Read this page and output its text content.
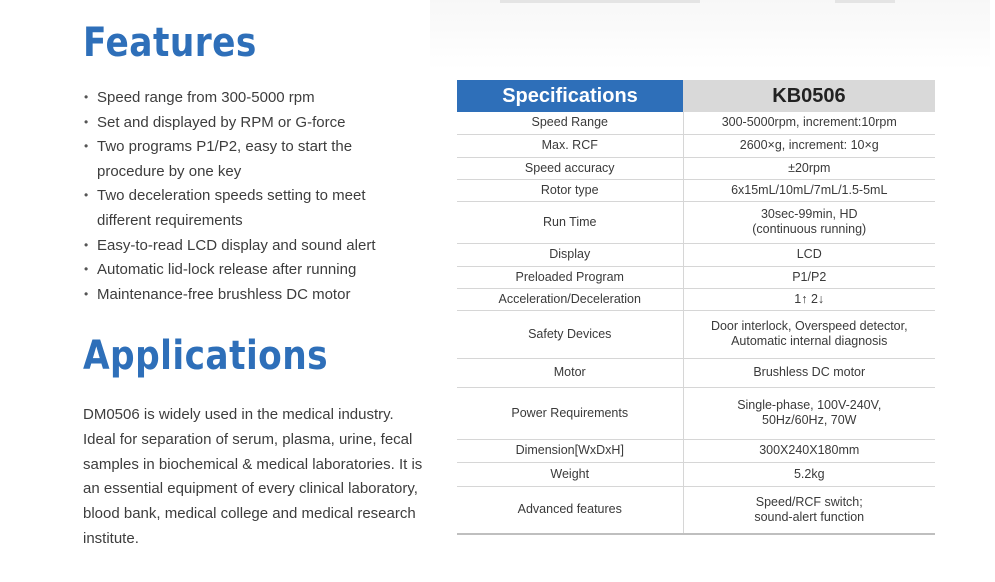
Features
• Speed range from 300-5000 rpm
• Set and displayed by RPM or G-force
• Two programs P1/P2, easy to start the procedure by one key
• Two deceleration speeds setting to meet different requirements
• Easy-to-read LCD display and sound alert
• Automatic lid-lock release after running
• Maintenance-free brushless DC motor
Applications

DM0506 is widely used in the medical industry. Ideal for separation of serum, plasma, urine, fecal samples in biochemical & medical laboratories. It is an essential equipment of every clinical laboratory, blood bank, medical college and medical research institute.

Specifications	KB0506
Speed Range	300-5000rpm, increment:10rpm
Max. RCF	2600×g, increment: 10×g
Speed accuracy	±20rpm
Rotor type	6x15mL/10mL/7mL/1.5-5mL
Run Time	30sec-99min, HD
(continuous running)

Display	LCD
Preloaded Program	P1/P2
Acceleration/Deceleration	1↑ 2↓
Safety Devices	Door interlock, Overspeed detector,
Automatic internal diagnosis

Motor	Brushless DC motor
Power Requirements	Single-phase, 100V-240V,
50Hz/60Hz, 70W

Dimension[WxDxH]	300X240X180mm
Weight	5.2kg
Advanced features	Speed/RCF switch;
sound-alert function
